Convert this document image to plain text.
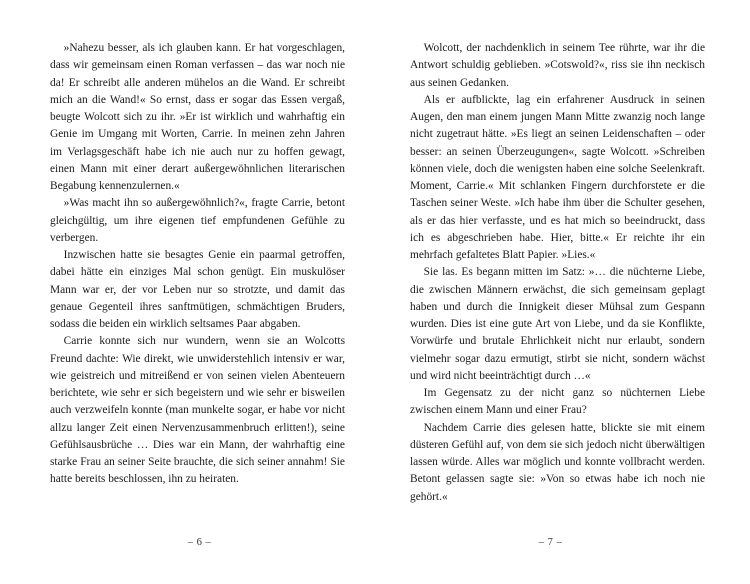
»Nahezu besser, als ich glauben kann. Er hat vorgeschlagen, dass wir gemeinsam einen Roman verfassen – das war noch nie da! Er schreibt alle anderen mühelos an die Wand. Er schreibt mich an die Wand!« So ernst, dass er sogar das Essen vergaß, beugte Wolcott sich zu ihr. »Er ist wirklich und wahrhaftig ein Genie im Umgang mit Worten, Carrie. In meinen zehn Jahren im Verlagsgeschäft habe ich nie auch nur zu hoffen gewagt, einen Mann mit einer derart außergewöhnlichen literarischen Begabung kennenzulernen.«

»Was macht ihn so außergewöhnlich?«, fragte Carrie, betont gleichgültig, um ihre eigenen tief empfundenen Gefühle zu verbergen.

Inzwischen hatte sie besagtes Genie ein paarmal getroffen, dabei hätte ein einziges Mal schon genügt. Ein muskulöser Mann war er, der vor Leben nur so strotzte, und damit das genaue Gegenteil ihres sanftmütigen, schmächtigen Bruders, sodass die beiden ein wirklich seltsames Paar abgaben.

Carrie konnte sich nur wundern, wenn sie an Wolcotts Freund dachte: Wie direkt, wie unwiderstehlich intensiv er war, wie geistreich und mitreißend er von seinen vielen Abenteuern berichtete, wie sehr er sich begeistern und wie sehr er bisweilen auch verzweifeln konnte (man munkelte sogar, er habe vor nicht allzu langer Zeit einen Nervenzusammenbruch erlitten!), seine Gefühlsausbrüche … Dies war ein Mann, der wahrhaftig eine starke Frau an seiner Seite brauchte, die sich seiner annahm! Sie hatte bereits beschlossen, ihn zu heiraten.

– 6 –

Wolcott, der nachdenklich in seinem Tee rührte, war ihr die Antwort schuldig geblieben. »Cotswold?«, riss sie ihn neckisch aus seinen Gedanken.

Als er aufblickte, lag ein erfahrener Ausdruck in seinen Augen, den man einem jungen Mann Mitte zwanzig noch lange nicht zugetraut hätte. »Es liegt an seinen Leidenschaften – oder besser: an seinen Überzeugungen«, sagte Wolcott. »Schreiben können viele, doch die wenigsten haben eine solche Seelenkraft. Moment, Carrie.« Mit schlanken Fingern durchforstete er die Taschen seiner Weste. »Ich habe ihm über die Schulter gesehen, als er das hier verfasste, und es hat mich so beeindruckt, dass ich es abgeschrieben habe. Hier, bitte.« Er reichte ihr ein mehrfach gefaltetes Blatt Papier. »Lies.«

Sie las. Es begann mitten im Satz: »… die nüchterne Liebe, die zwischen Männern erwächst, die sich gemeinsam geplagt haben und durch die Innigkeit dieser Mühsal zum Gespann wurden. Dies ist eine gute Art von Liebe, und da sie Konflikte, Vorwürfe und brutale Ehrlichkeit nicht nur erlaubt, sondern vielmehr sogar dazu ermutigt, stirbt sie nicht, sondern wächst und wird nicht beeinträchtigt durch …«

Im Gegensatz zu der nicht ganz so nüchternen Liebe zwischen einem Mann und einer Frau?

Nachdem Carrie dies gelesen hatte, blickte sie mit einem düsteren Gefühl auf, von dem sie sich jedoch nicht überwältigen lassen würde. Alles war möglich und konnte vollbracht werden. Betont gelassen sagte sie: »Von so etwas habe ich noch nie gehört.«

– 7 –
